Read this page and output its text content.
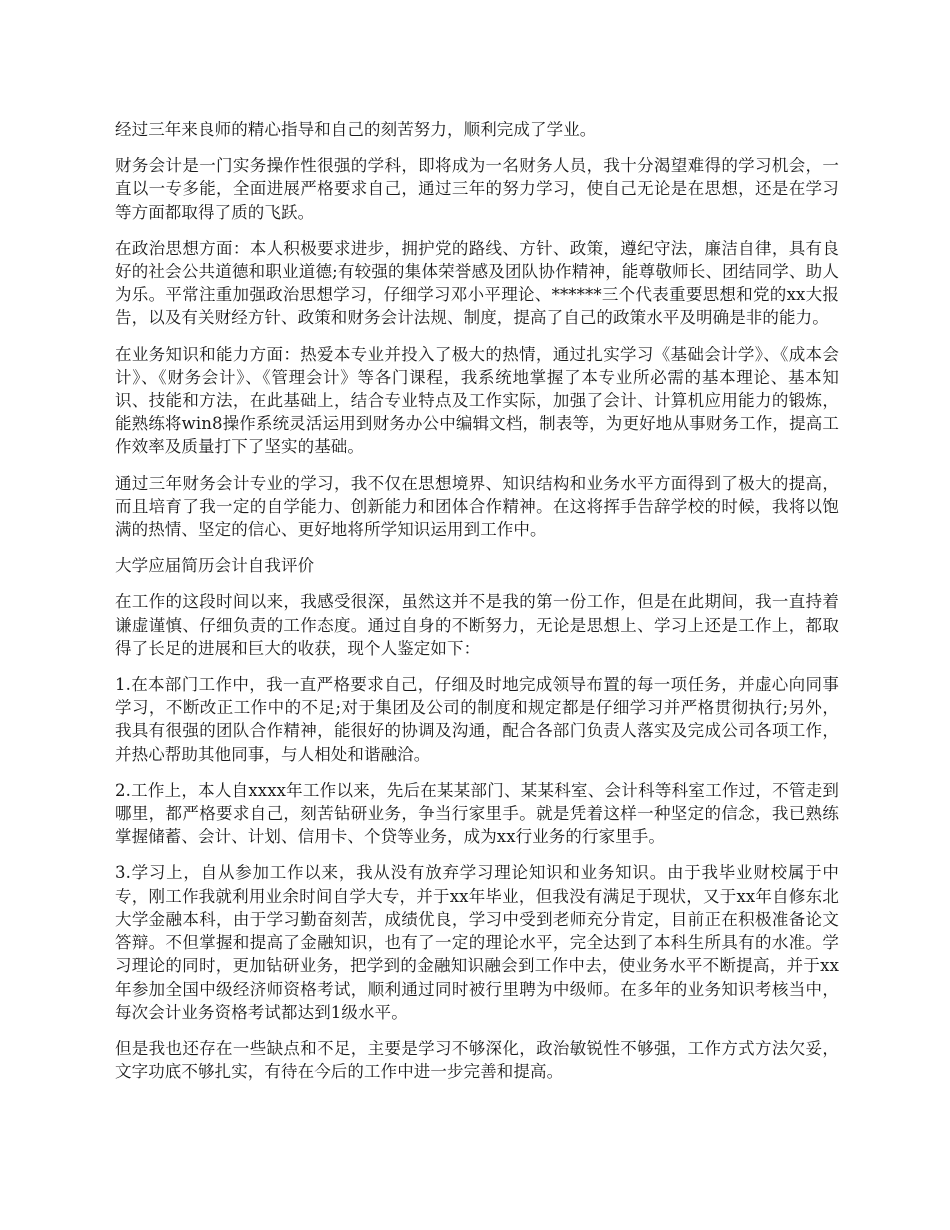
经过三年来良师的精心指导和自己的刻苦努力，顺利完成了学业。

财务会计是一门实务操作性很强的学科，即将成为一名财务人员，我十分渴望难得的学习机会，一直以一专多能，全面进展严格要求自己，通过三年的努力学习，使自己无论是在思想，还是在学习等方面都取得了质的飞跃。

在政治思想方面：本人积极要求进步，拥护党的路线、方针、政策，遵纪守法，廉洁自律，具有良好的社会公共道德和职业道德;有较强的集体荣誉感及团队协作精神，能尊敬师长、团结同学、助人为乐。平常注重加强政治思想学习，仔细学习邓小平理论、******三个代表重要思想和党的xx大报告，以及有关财经方针、政策和财务会计法规、制度，提高了自己的政策水平及明确是非的能力。

在业务知识和能力方面：热爱本专业并投入了极大的热情，通过扎实学习《基础会计学》、《成本会计》、《财务会计》、《管理会计》等各门课程，我系统地掌握了本专业所必需的基本理论、基本知识、技能和方法，在此基础上，结合专业特点及工作实际，加强了会计、计算机应用能力的锻炼，能熟练将win8操作系统灵活运用到财务办公中编辑文档，制表等，为更好地从事财务工作，提高工作效率及质量打下了坚实的基础。

通过三年财务会计专业的学习，我不仅在思想境界、知识结构和业务水平方面得到了极大的提高，而且培育了我一定的自学能力、创新能力和团体合作精神。在这将挥手告辞学校的时候，我将以饱满的热情、坚定的信心、更好地将所学知识运用到工作中。

大学应届简历会计自我评价

在工作的这段时间以来，我感受很深，虽然这并不是我的第一份工作，但是在此期间，我一直持着谦虚谨慎、仔细负责的工作态度。通过自身的不断努力，无论是思想上、学习上还是工作上，都取得了长足的进展和巨大的收获，现个人鉴定如下：

1.在本部门工作中，我一直严格要求自己，仔细及时地完成领导布置的每一项任务，并虚心向同事学习，不断改正工作中的不足;对于集团及公司的制度和规定都是仔细学习并严格贯彻执行;另外，我具有很强的团队合作精神，能很好的协调及沟通，配合各部门负责人落实及完成公司各项工作，并热心帮助其他同事，与人相处和谐融洽。

2.工作上，本人自xxxx年工作以来，先后在某某部门、某某科室、会计科等科室工作过，不管走到哪里，都严格要求自己，刻苦钻研业务，争当行家里手。就是凭着这样一种坚定的信念，我已熟练掌握储蓄、会计、计划、信用卡、个贷等业务，成为xx行业务的行家里手。

3.学习上，自从参加工作以来，我从没有放弃学习理论知识和业务知识。由于我毕业财校属于中专，刚工作我就利用业余时间自学大专，并于xx年毕业，但我没有满足于现状，又于xx年自修东北大学金融本科，由于学习勤奋刻苦，成绩优良，学习中受到老师充分肯定，目前正在积极准备论文答辩。不但掌握和提高了金融知识，也有了一定的理论水平，完全达到了本科生所具有的水准。学习理论的同时，更加钻研业务，把学到的金融知识融会到工作中去，使业务水平不断提高，并于xx年参加全国中级经济师资格考试，顺利通过同时被行里聘为中级师。在多年的业务知识考核当中，每次会计业务资格考试都达到1级水平。

但是我也还存在一些缺点和不足，主要是学习不够深化，政治敏锐性不够强，工作方式方法欠妥，文字功底不够扎实，有待在今后的工作中进一步完善和提高。
